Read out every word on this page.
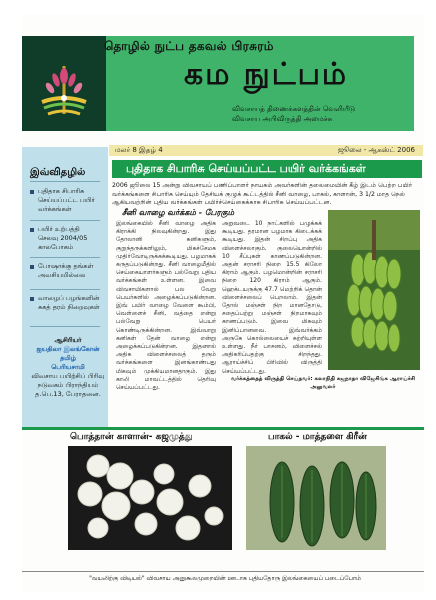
தொழில் நுட்ப தகவல் பிரசுரம்
கம நுட்பம்
விவசாயத் திணைக்களத்தின் வெளியீடு
விவசாய அபிவிருத்தி அமைச்சு
மலர் 8 இதழ் 4	ஜூலை - ஆகஸ்ட் 2006
இவ்விதழில்
புதிதாக சிபாரிசு செய்யப்பட்ட பயிர் வர்க்கங்கள்
பயிர் உற்பத்தி செலவு 2004/05 காலபோகம்
போஷாக்கு தங்கள் அவசியமில்லை
வாழைப் பழங்களின் சுகத் தரம் நிறைவுகள்
ஆசிரியர்
ஐயதிலா இலங்கோன் தமிழ்
பெரியசாமி
விவசாய பயிற்சிப் பிரிவு நடுவகம் பிராந்தியம்
த.பெ.13, பேராதனை.
புதிதாக சிபாரிசு செய்யப்பட்ட பயிர் வர்க்கங்கள்
2006 ஜூலை 15 அன்று விவசாயப் பணிப்பாளர் நாயகம் அவர்களின் தலைமையின் கீழ் இடம் பெற்ற பயிர் வர்க்கங்களை சிபாரிசு செய்யும் தேசியக் குழுக் கூட்டத்தில் சீனி வாழை, பாகல், காளான், 3 1/2 மாத நெல் ஆகியவற்றின் புதிய வர்க்கங்கள் பயிர்ச்செய்கைக்காக சிபாரிசு செய்யப்பட்டன.
சீனி வாழை வர்க்கம் - பேரகும்
இலங்கையில் சீனி வாழை அதிக கிராக்கி நிலவுகின்றது. இது தோலானி கனிகளும், குறுந்தருக்களிலும், மிகச்சேமக முதிர்வோடிருக்கக்கூடியது. பழமாகக் கருதப்படுகின்றது. சீனி வாழைமீதில் செய்கையாளர்களும் பல்வேறு புதிய வர்க்கங்கள் உள்ளன. இவை விவசாயிகளால் பல வேறு பெயர்களில் அழைக்கப்படுகின்றன. இவ் பயிர் வாழை வேளை கூம்பி, வெள்ளைச் சீனி, வத்தை என்று பல்வேறு பெயர் கொண்டிருக்கின்றன. இவ்வாறு கனிகள் தேன் வாழை என்று அழைக்கப்படுகின்றன. இதனால் அதிக விளைச்சலைத் தரும் வர்க்கங்களை இனங்காண்பது மிகவும் முக்கியமானதாகும். இது காலி மாவட்டத்தில் தெரிவு செய்யப்பட்டது.
அறுவடை 10 நாட்களில் பழுக்கக் கூடியது. தரமான பழமாக கிடைக்கக் கூடியது. இதன் சிறப்பு அதிக விளைச்சலாகும். குலையொன்றில் 10 சீப்புகள் காணப்படுகின்றன. அதன் சராசரி நிறை 15.5 கிலோ கிராம் ஆகும். பழமொன்றின் சராசரி நிறை 120 கிராம் ஆகும். ஹெக்டயருக்கு 47.7 மெற்றிக் தொன் விளைச்சலைப் பெறலாம். இதன் தோல் மஞ்சள் நிற மானதோடு, சதைப்பற்று மஞ்சள் நிறமாகவும் காணப்படும். இவை மிகவும் இனிப்பானவை. இவ்வர்க்கம் அருகே கொல்லையைச் சுற்றியுள்ள உள்ளது. நீர் பாசனம், விளைச்சல் அதிகரிப்பதற்கு சிறந்தது. ஆராய்ச்சிப் பிரிவில் விருத்தி செய்யப்பட்டது.
வர்க்கத்தைத் விருத்தி செய்தவர்: கலாநிதி கஜநாதா விஜேசிங்க ஆராய்ச்சி அலுவலர்
பொத்தான் காளான்- கஜமுத்து	பாகல் - மாத்தளை கிரீன்
"வயலிற்கு விடியல்" விவசாய அனுகூலமுறையின் ஊடாக புதியதோரு இலங்கையைப் படைப்போம்
